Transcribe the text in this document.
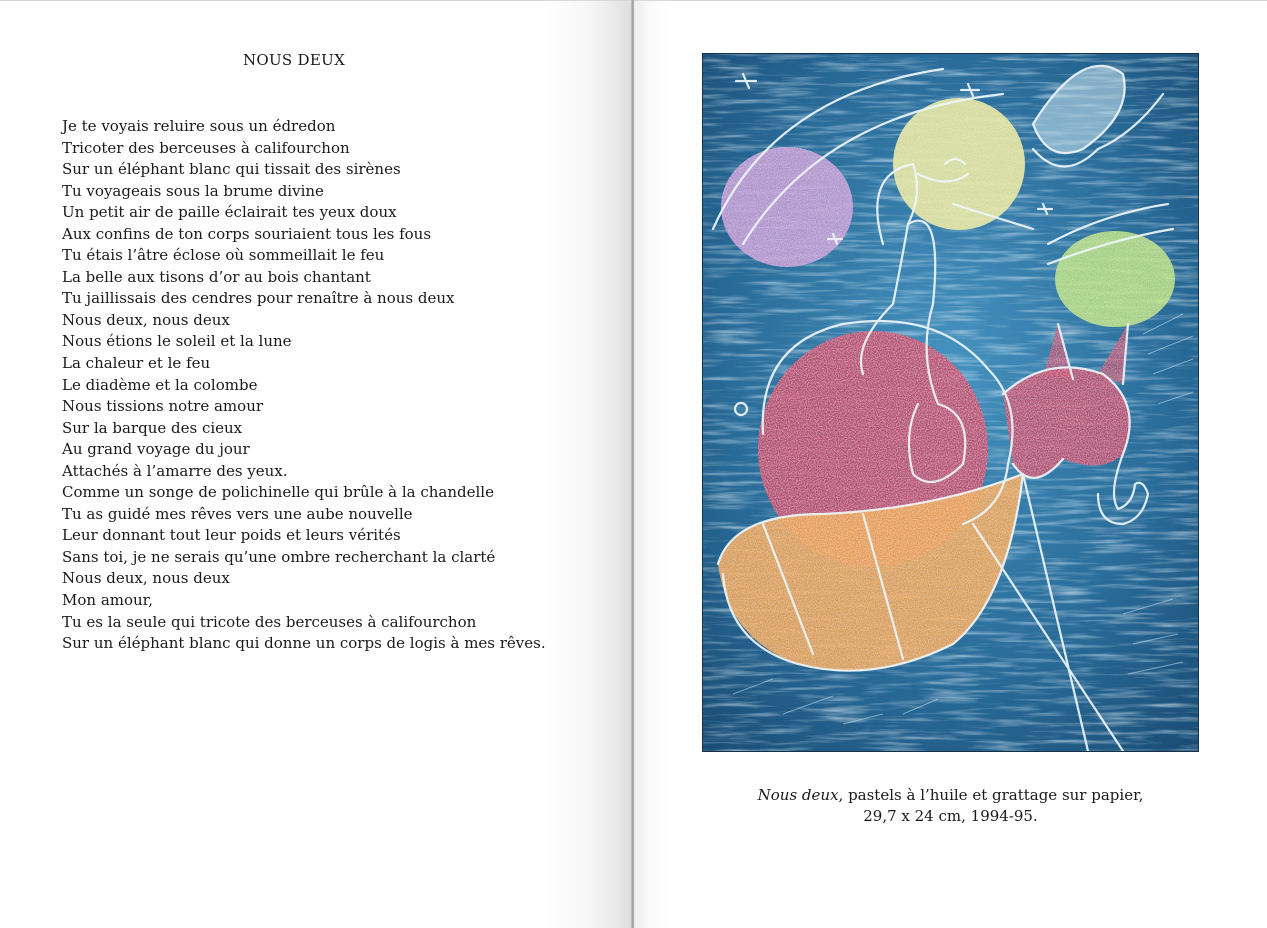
NOUS DEUX
Je te voyais reluire sous un édredon
Tricoter des berceuses à califourchon
Sur un éléphant blanc qui tissait des sirènes
Tu voyageais sous la brume divine
Un petit air de paille éclairait tes yeux doux
Aux confins de ton corps souriaient tous les fous
Tu étais l’âtre éclose où sommeillait le feu
La belle aux tisons d’or au bois chantant
Tu jaillissais des cendres pour renaître à nous deux
Nous deux, nous deux
Nous étions le soleil et la lune
La chaleur et le feu
Le diadème et la colombe
Nous tissions notre amour
Sur la barque des cieux
Au grand voyage du jour
Attachés à l’amarre des yeux.
Comme un songe de polichinelle qui brûle à la chandelle
Tu as guidé mes rêves vers une aube nouvelle
Leur donnant tout leur poids et leurs vérités
Sans toi, je ne serais qu’une ombre recherchant la clarté
Nous deux, nous deux
Mon amour,
Tu es la seule qui tricote des berceuses à califourchon
Sur un éléphant blanc qui donne un corps de logis à mes rêves.
Nous deux, pastels à l’huile et grattage sur papier,
29,7 x 24 cm, 1994-95.
